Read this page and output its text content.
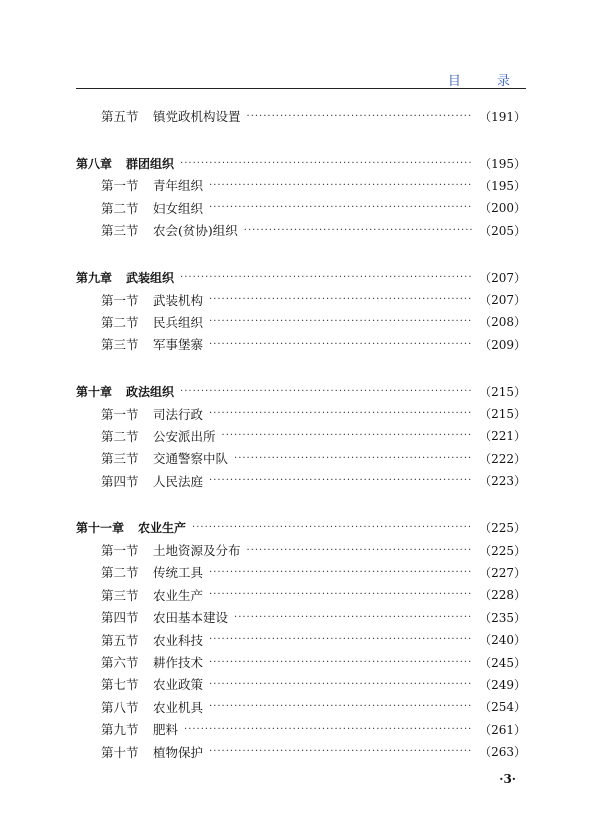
目 录
第五节	镇党政机构设置 ·····	（191）
第八章 群团组织 ·····	（195）
第一节	青年组织 ·····	（195）
第二节	妇女组织 ·····	（200）
第三节	农会(贫协)组织 ·····	（205）
第九章 武装组织 ·····	（207）
第一节	武装机构 ·····	（207）
第二节	民兵组织 ·····	（208）
第三节	军事堡寨 ·····	（209）
第十章 政法组织 ·····	（215）
第一节	司法行政 ·····	（215）
第二节	公安派出所 ·····	（221）
第三节	交通警察中队 ·····	（222）
第四节	人民法庭 ·····	（223）
第十一章 农业生产 ·····	（225）
第一节	土地资源及分布 ·····	（225）
第二节	传统工具 ·····	（227）
第三节	农业生产 ·····	（228）
第四节	农田基本建设 ·····	（235）
第五节	农业科技 ·····	（240）
第六节	耕作技术 ·····	（245）
第七节	农业政策 ·····	（249）
第八节	农业机具 ·····	（254）
第九节	肥料 ·····	（261）
第十节	植物保护 ·····	（263）
·3·
